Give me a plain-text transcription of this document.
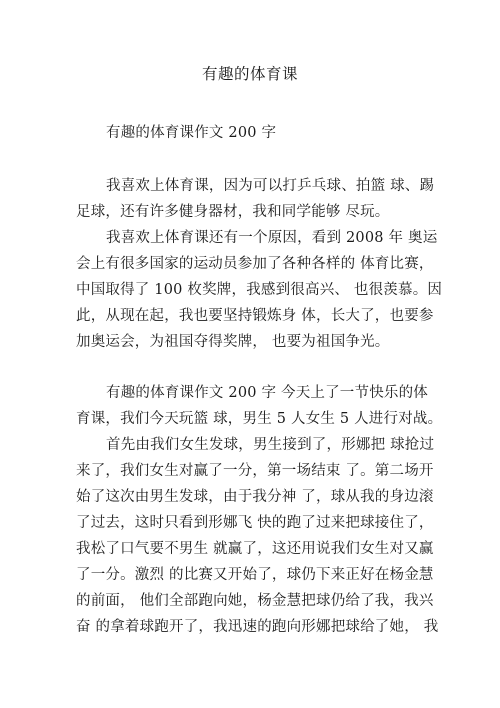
有趣的体育课
有趣的体育课作文 200 字
我喜欢上体育课，因为可以打乒乓球、拍篮 球、踢
足球，还有许多健身器材，我和同学能够 尽玩。
我喜欢上体育课还有一个原因，看到 2008 年 奥运
会上有很多国家的运动员参加了各种各样的 体育比赛，
中国取得了 100 枚奖牌，我感到很高兴、 也很羡慕。因
此，从现在起，我也要坚持锻炼身 体，长大了，也要参
加奥运会，为祖国夺得奖牌， 也要为祖国争光。
有趣的体育课作文 200 字 今天上了一节快乐的体
育课，我们今天玩篮 球，男生 5 人女生 5 人进行对战。
首先由我们女生发球，男生接到了，形娜把 球抢过
来了，我们女生对赢了一分，第一场结束 了。第二场开
始了这次由男生发球，由于我分神 了，球从我的身边滚
了过去，这时只看到形娜飞 快的跑了过来把球接住了，
我松了口气要不男生 就赢了，这还用说我们女生对又赢
了一分。激烈 的比赛又开始了，球仍下来正好在杨金慧
的前面， 他们全部跑向她，杨金慧把球仍给了我，我兴
奋 的拿着球跑开了，我迅速的跑向形娜把球给了她， 我
